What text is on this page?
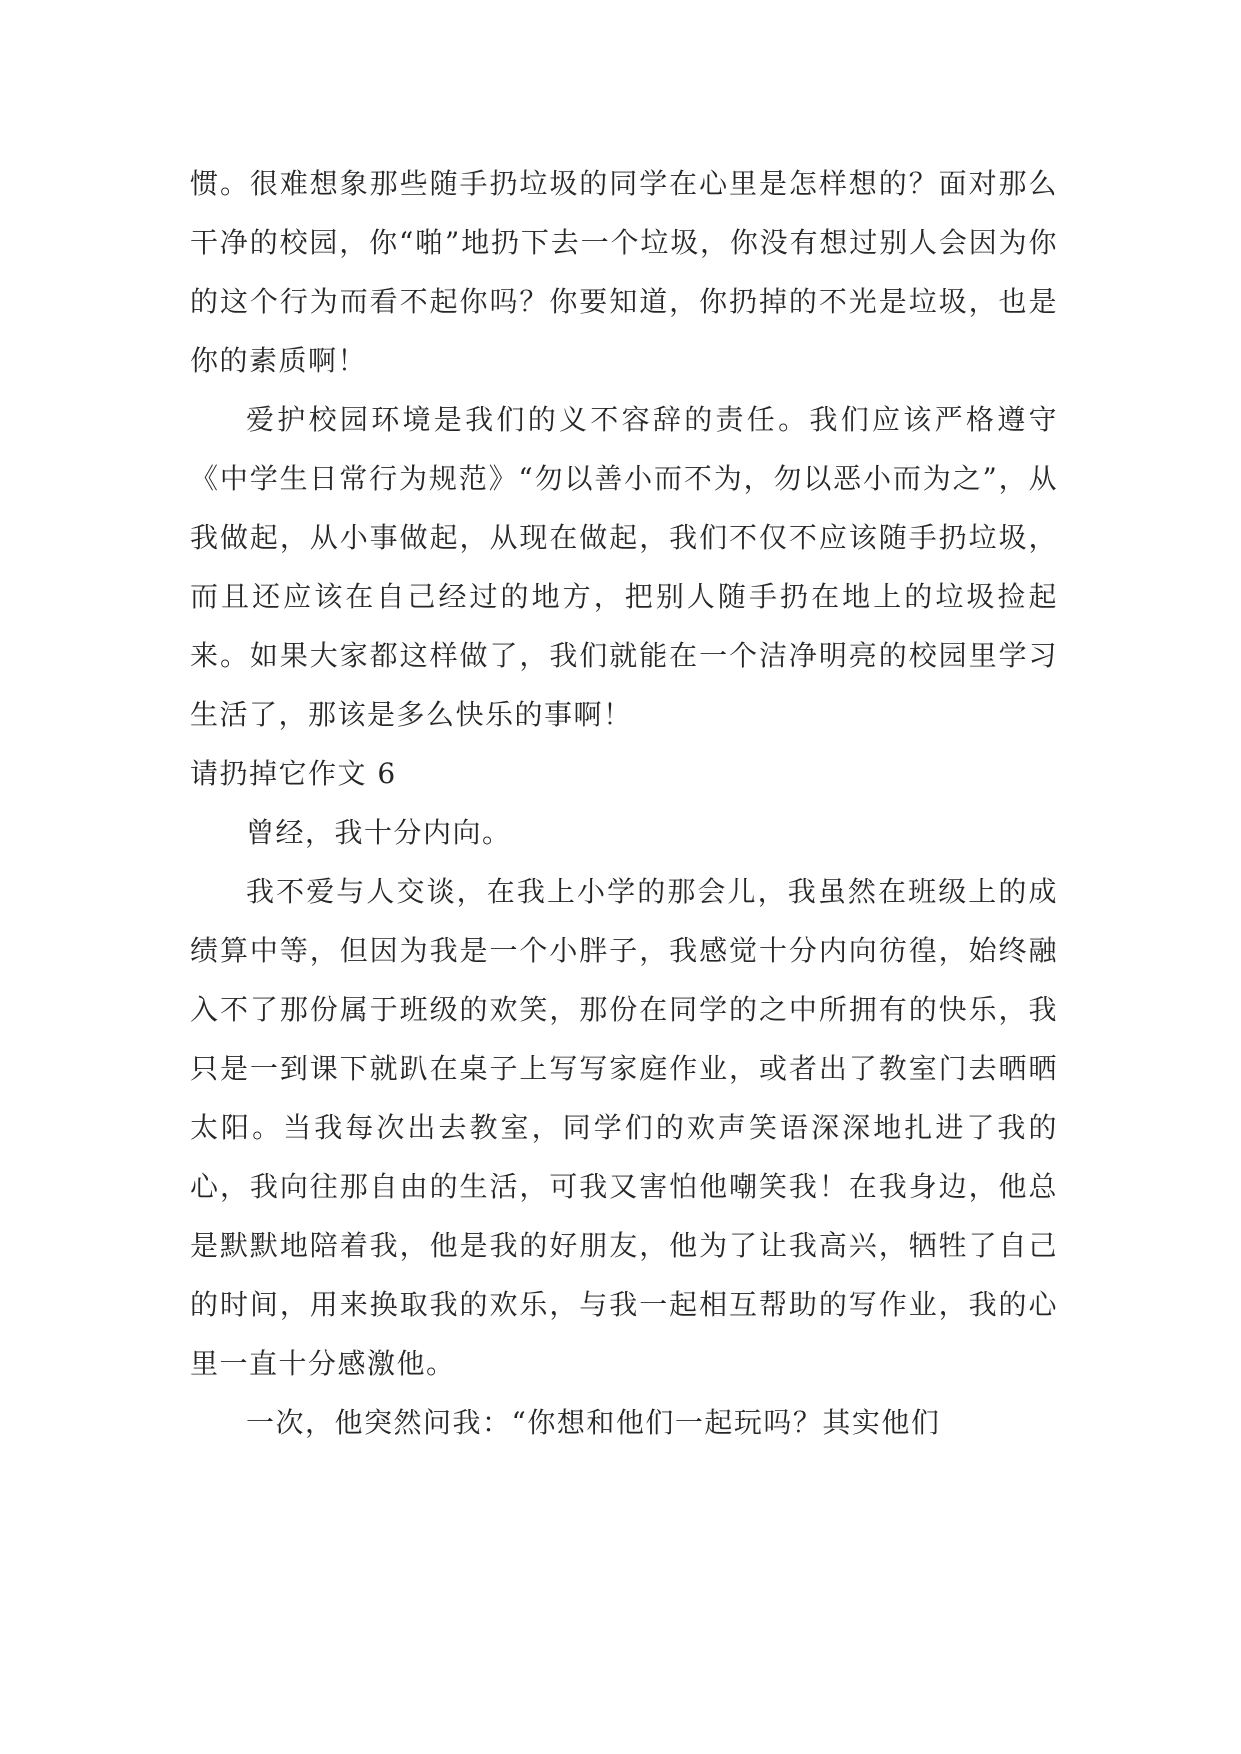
惯。很难想象那些随手扔垃圾的同学在心里是怎样想的？面对那么干净的校园，你“啪”地扔下去一个垃圾，你没有想过别人会因为你的这个行为而看不起你吗？你要知道，你扔掉的不光是垃圾，也是你的素质啊！

爱护校园环境是我们的义不容辞的责任。我们应该严格遵守《中学生日常行为规范》“勿以善小而不为，勿以恶小而为之”，从我做起，从小事做起，从现在做起，我们不仅不应该随手扔垃圾，而且还应该在自己经过的地方，把别人随手扔在地上的垃圾捡起来。如果大家都这样做了，我们就能在一个洁净明亮的校园里学习生活了，那该是多么快乐的事啊！

请扔掉它作文 6

曾经，我十分内向。

我不爱与人交谈，在我上小学的那会儿，我虽然在班级上的成绩算中等，但因为我是一个小胖子，我感觉十分内向彷徨，始终融入不了那份属于班级的欢笑，那份在同学的之中所拥有的快乐，我只是一到课下就趴在桌子上写写家庭作业，或者出了教室门去晒晒太阳。当我每次出去教室，同学们的欢声笑语深深地扎进了我的心，我向往那自由的生活，可我又害怕他嘲笑我！在我身边，他总是默默地陪着我，他是我的好朋友，他为了让我高兴，牺牲了自己的时间，用来换取我的欢乐，与我一起相互帮助的写作业，我的心里一直十分感激他。

一次，他突然问我：“你想和他们一起玩吗？其实他们
